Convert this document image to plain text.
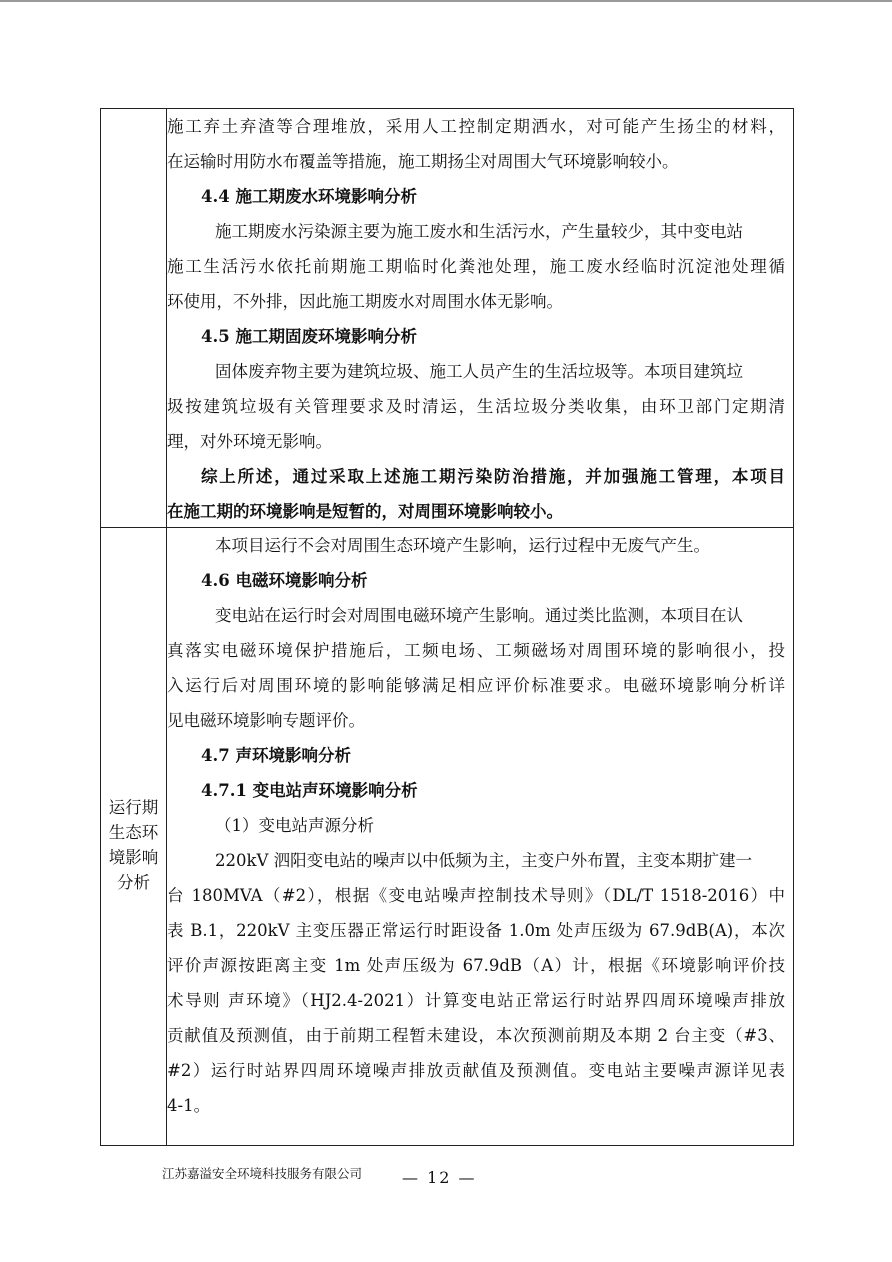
施工弃土弃渣等合理堆放，采用人工控制定期洒水，对可能产生扬尘的材料，
在运输时用防水布覆盖等措施，施工期扬尘对周围大气环境影响较小。
4.4 施工期废水环境影响分析
施工期废水污染源主要为施工废水和生活污水，产生量较少，其中变电站
施工生活污水依托前期施工期临时化粪池处理，施工废水经临时沉淀池处理循
环使用，不外排，因此施工期废水对周围水体无影响。
4.5 施工期固废环境影响分析
固体废弃物主要为建筑垃圾、施工人员产生的生活垃圾等。本项目建筑垃
圾按建筑垃圾有关管理要求及时清运，生活垃圾分类收集，由环卫部门定期清
理，对外环境无影响。
综上所述，通过采取上述施工期污染防治措施，并加强施工管理，本项目
在施工期的环境影响是短暂的，对周围环境影响较小。
运行期
生态环
境影响
分析
本项目运行不会对周围生态环境产生影响，运行过程中无废气产生。
4.6 电磁环境影响分析
变电站在运行时会对周围电磁环境产生影响。通过类比监测，本项目在认
真落实电磁环境保护措施后，工频电场、工频磁场对周围环境的影响很小，投
入运行后对周围环境的影响能够满足相应评价标准要求。电磁环境影响分析详
见电磁环境影响专题评价。
4.7 声环境影响分析
4.7.1 变电站声环境影响分析
（1）变电站声源分析
220kV 泗阳变电站的噪声以中低频为主，主变户外布置，主变本期扩建一
台 180MVA（#2），根据《变电站噪声控制技术导则》（DL/T 1518-2016）中
表 B.1，220kV 主变压器正常运行时距设备 1.0m 处声压级为 67.9dB(A)，本次
评价声源按距离主变 1m 处声压级为 67.9dB（A）计，根据《环境影响评价技
术导则 声环境》（HJ2.4-2021）计算变电站正常运行时站界四周环境噪声排放
贡献值及预测值，由于前期工程暂未建设，本次预测前期及本期 2 台主变（#3、
#2）运行时站界四周环境噪声排放贡献值及预测值。变电站主要噪声源详见表
4-1。
江苏嘉溢安全环境科技服务有限公司 — 12 —
